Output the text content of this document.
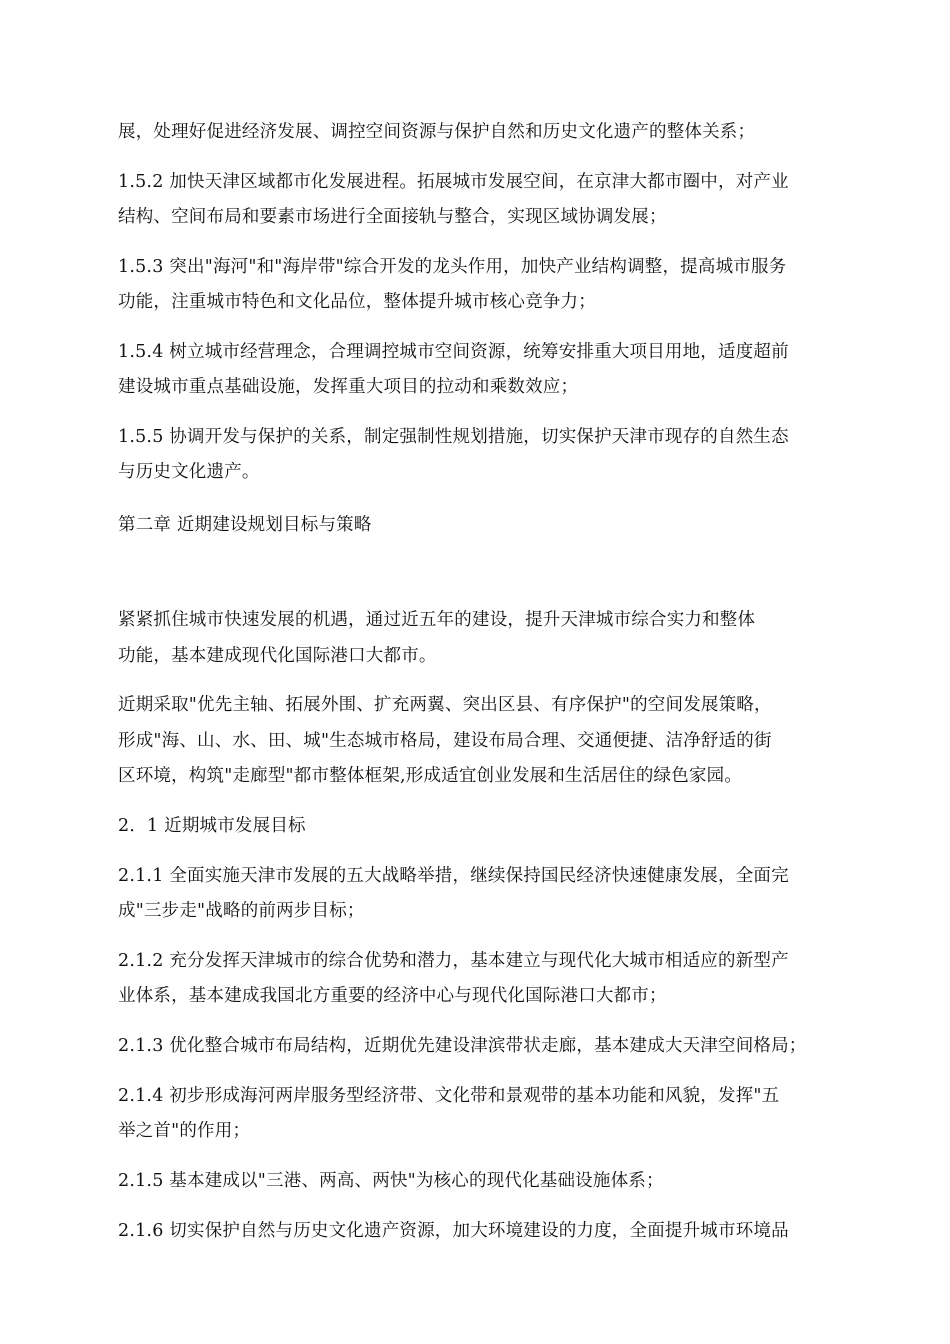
展，处理好促进经济发展、调控空间资源与保护自然和历史文化遗产的整体关系；
1.5.2 加快天津区域都市化发展进程。拓展城市发展空间，在京津大都市圈中，对产业
结构、空间布局和要素市场进行全面接轨与整合，实现区域协调发展；
1.5.3 突出"海河"和"海岸带"综合开发的龙头作用，加快产业结构调整，提高城市服务
功能，注重城市特色和文化品位，整体提升城市核心竞争力；
1.5.4 树立城市经营理念，合理调控城市空间资源，统筹安排重大项目用地，适度超前
建设城市重点基础设施，发挥重大项目的拉动和乘数效应；
1.5.5 协调开发与保护的关系，制定强制性规划措施，切实保护天津市现存的自然生态
与历史文化遗产。
第二章 近期建设规划目标与策略
紧紧抓住城市快速发展的机遇，通过近五年的建设，提升天津城市综合实力和整体
功能，基本建成现代化国际港口大都市。
近期采取"优先主轴、拓展外围、扩充两翼、突出区县、有序保护"的空间发展策略，
形成"海、山、水、田、城"生态城市格局，建设布局合理、交通便捷、洁净舒适的街
区环境，构筑"走廊型"都市整体框架,形成适宜创业发展和生活居住的绿色家园。
2．1 近期城市发展目标
2.1.1 全面实施天津市发展的五大战略举措，继续保持国民经济快速健康发展，全面完
成"三步走"战略的前两步目标；
2.1.2 充分发挥天津城市的综合优势和潜力，基本建立与现代化大城市相适应的新型产
业体系，基本建成我国北方重要的经济中心与现代化国际港口大都市；
2.1.3 优化整合城市布局结构，近期优先建设津滨带状走廊，基本建成大天津空间格局；
2.1.4 初步形成海河两岸服务型经济带、文化带和景观带的基本功能和风貌，发挥"五
举之首"的作用；
2.1.5 基本建成以"三港、两高、两快"为核心的现代化基础设施体系；
2.1.6 切实保护自然与历史文化遗产资源，加大环境建设的力度，全面提升城市环境品
